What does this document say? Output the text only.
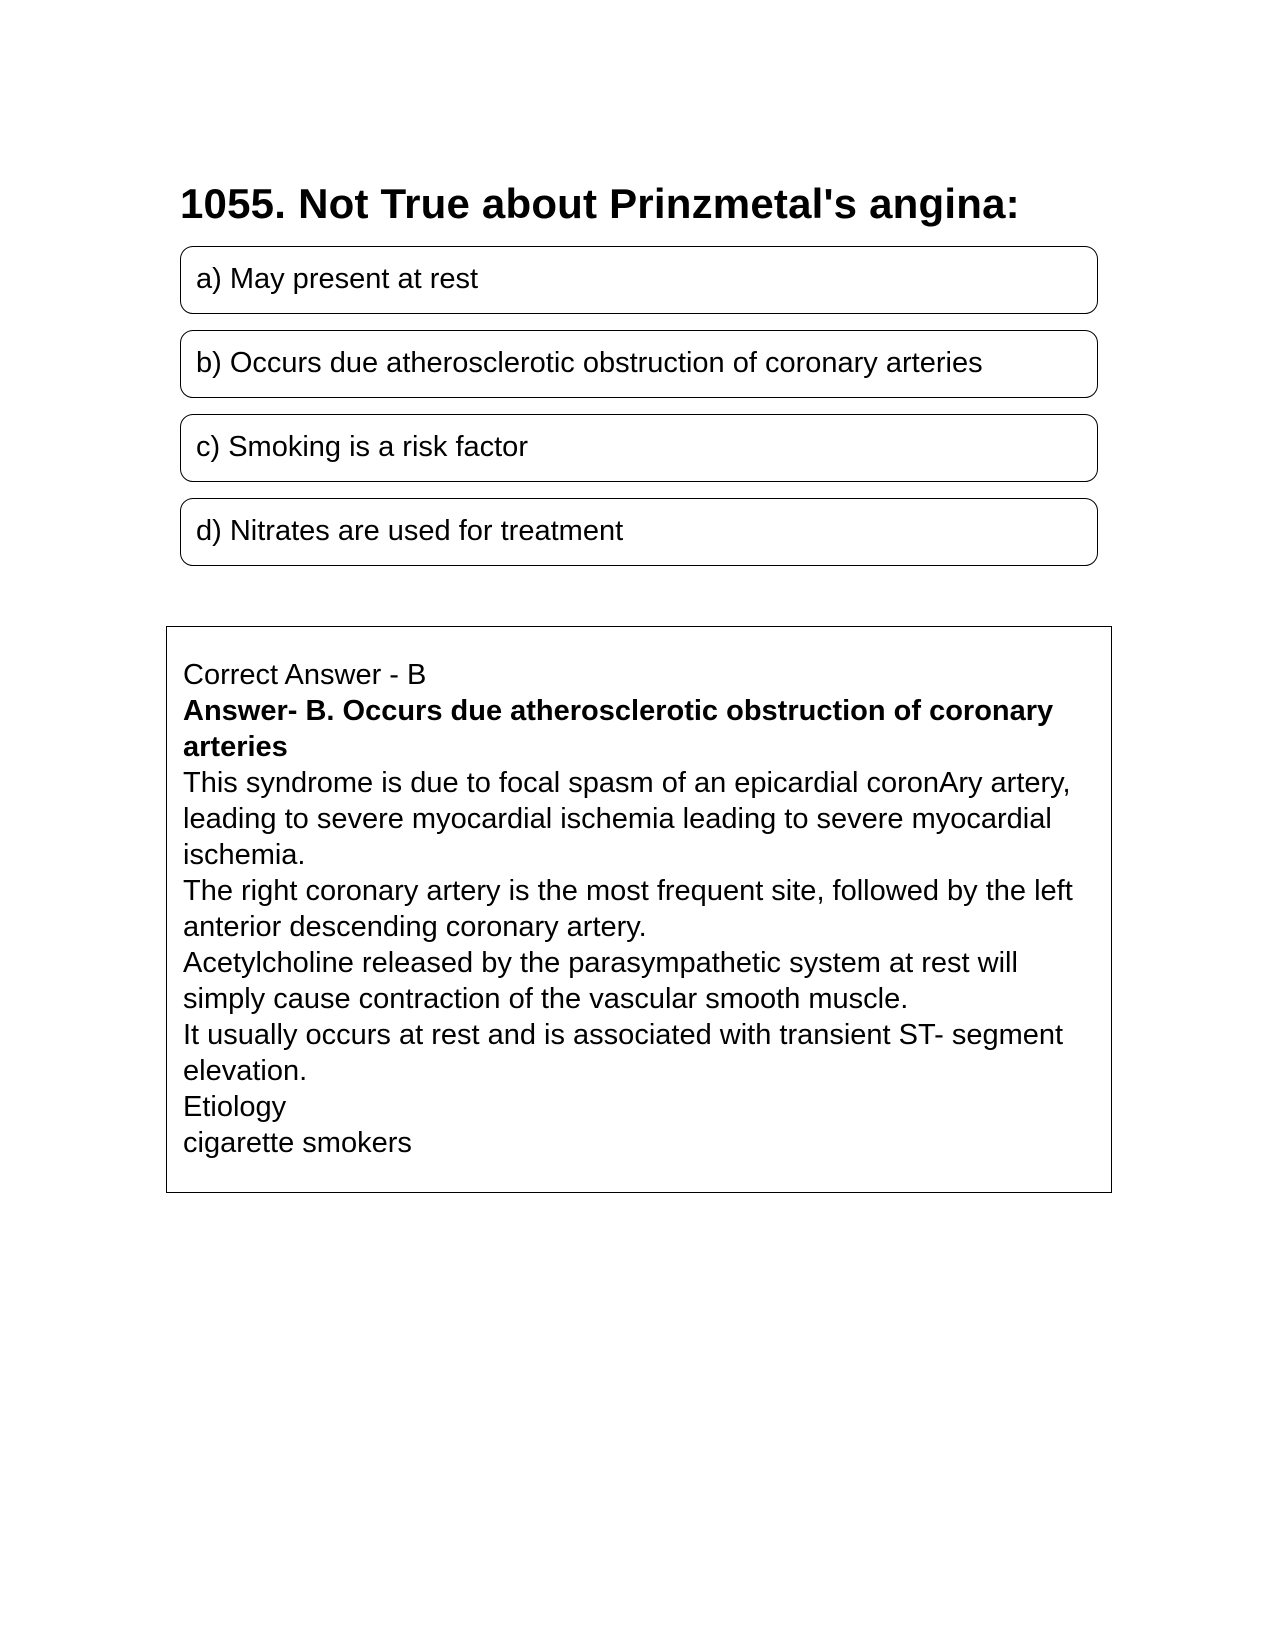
1055. Not True about Prinzmetal's angina:
a) May present at rest
b) Occurs due atherosclerotic obstruction of coronary arteries
c) Smoking is a risk factor
d) Nitrates are used for treatment
Correct Answer - B
Answer- B. Occurs due atherosclerotic obstruction of coronary arteries
This syndrome is due to focal spasm of an epicardial coronAry artery, leading to severe myocardial ischemia leading to severe myocardial ischemia.
The right coronary artery is the most frequent site, followed by the left anterior descending coronary artery.
Acetylcholine released by the parasympathetic system at rest will simply cause contraction of the vascular smooth muscle.
It usually occurs at rest and is associated with transient ST- segment elevation.
Etiology
cigarette smokers
